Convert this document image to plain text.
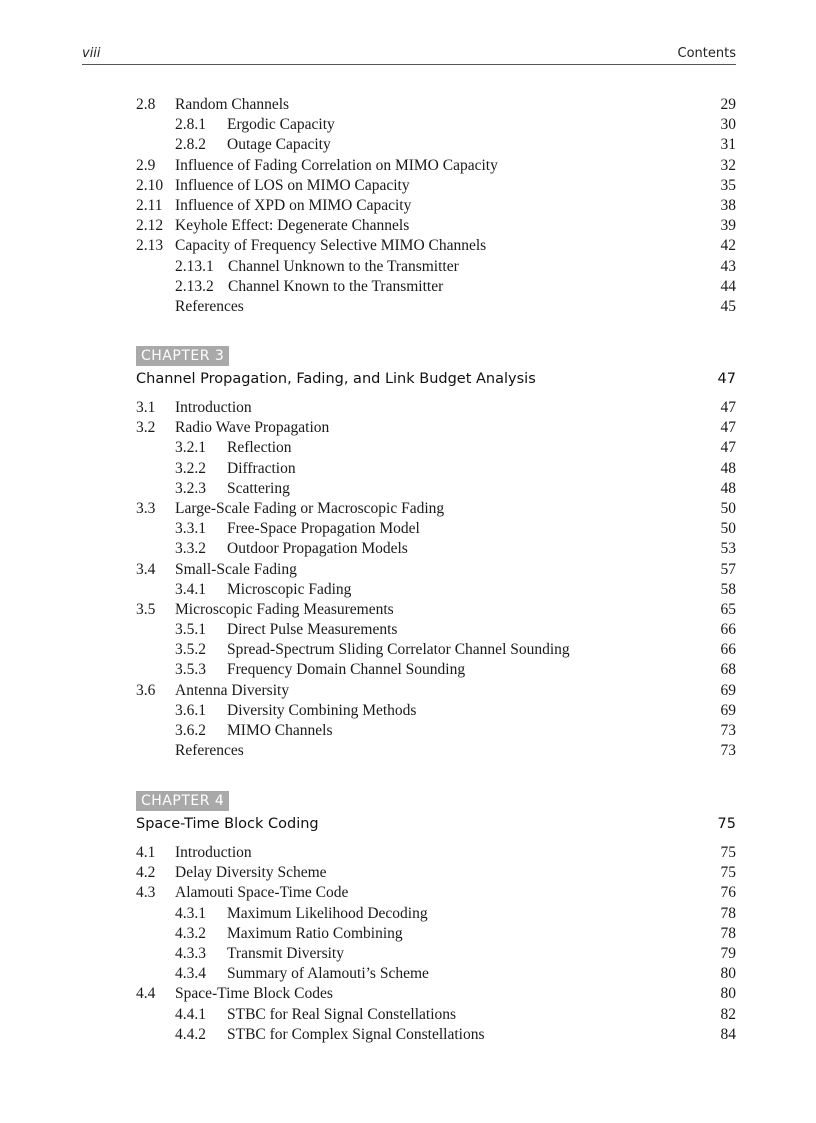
viii	Contents
2.8 Random Channels	29
2.8.1 Ergodic Capacity	30
2.8.2 Outage Capacity	31
2.9 Influence of Fading Correlation on MIMO Capacity	32
2.10 Influence of LOS on MIMO Capacity	35
2.11 Influence of XPD on MIMO Capacity	38
2.12 Keyhole Effect: Degenerate Channels	39
2.13 Capacity of Frequency Selective MIMO Channels	42
2.13.1 Channel Unknown to the Transmitter	43
2.13.2 Channel Known to the Transmitter	44
References	45
CHAPTER 3
Channel Propagation, Fading, and Link Budget Analysis	47
3.1 Introduction	47
3.2 Radio Wave Propagation	47
3.2.1 Reflection	47
3.2.2 Diffraction	48
3.2.3 Scattering	48
3.3 Large-Scale Fading or Macroscopic Fading	50
3.3.1 Free-Space Propagation Model	50
3.3.2 Outdoor Propagation Models	53
3.4 Small-Scale Fading	57
3.4.1 Microscopic Fading	58
3.5 Microscopic Fading Measurements	65
3.5.1 Direct Pulse Measurements	66
3.5.2 Spread-Spectrum Sliding Correlator Channel Sounding	66
3.5.3 Frequency Domain Channel Sounding	68
3.6 Antenna Diversity	69
3.6.1 Diversity Combining Methods	69
3.6.2 MIMO Channels	73
References	73
CHAPTER 4
Space-Time Block Coding	75
4.1 Introduction	75
4.2 Delay Diversity Scheme	75
4.3 Alamouti Space-Time Code	76
4.3.1 Maximum Likelihood Decoding	78
4.3.2 Maximum Ratio Combining	78
4.3.3 Transmit Diversity	79
4.3.4 Summary of Alamouti’s Scheme	80
4.4 Space-Time Block Codes	80
4.4.1 STBC for Real Signal Constellations	82
4.4.2 STBC for Complex Signal Constellations	84
